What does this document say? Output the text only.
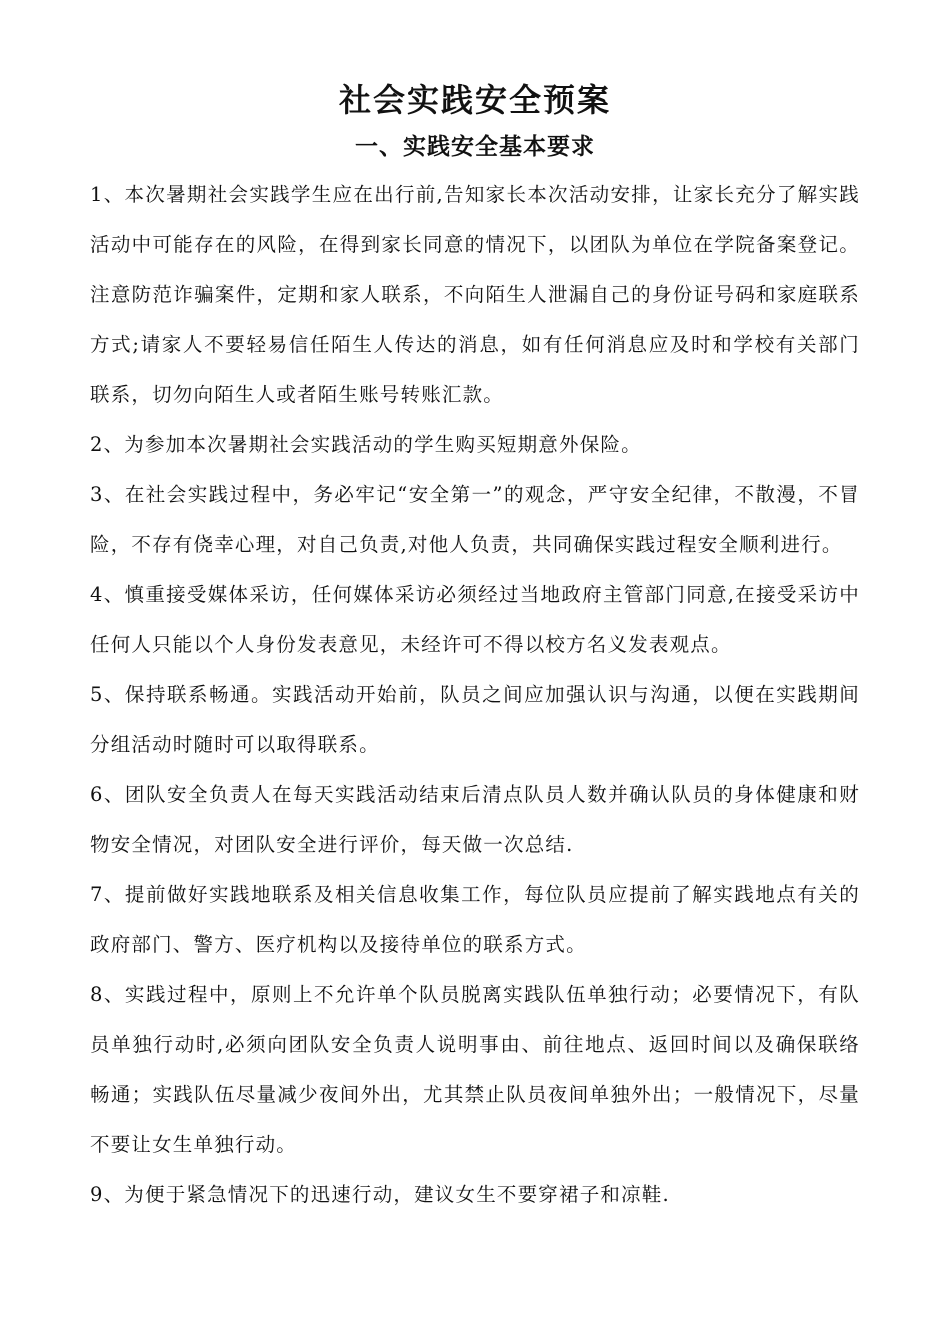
社会实践安全预案
一、实践安全基本要求

1、本次暑期社会实践学生应在出行前,告知家长本次活动安排，让家长充分了解实践活动中可能存在的风险，在得到家长同意的情况下，以团队为单位在学院备案登记。注意防范诈骗案件，定期和家人联系，不向陌生人泄漏自己的身份证号码和家庭联系方式;请家人不要轻易信任陌生人传达的消息，如有任何消息应及时和学校有关部门联系，切勿向陌生人或者陌生账号转账汇款。

2、为参加本次暑期社会实践活动的学生购买短期意外保险。

3、在社会实践过程中，务必牢记“安全第一”的观念，严守安全纪律，不散漫，不冒险，不存有侥幸心理，对自己负责,对他人负责，共同确保实践过程安全顺利进行。

4、慎重接受媒体采访，任何媒体采访必须经过当地政府主管部门同意,在接受采访中任何人只能以个人身份发表意见，未经许可不得以校方名义发表观点。

5、保持联系畅通。实践活动开始前，队员之间应加强认识与沟通，以便在实践期间分组活动时随时可以取得联系。

6、团队安全负责人在每天实践活动结束后清点队员人数并确认队员的身体健康和财物安全情况，对团队安全进行评价，每天做一次总结.

7、提前做好实践地联系及相关信息收集工作，每位队员应提前了解实践地点有关的政府部门、警方、医疗机构以及接待单位的联系方式。

8、实践过程中，原则上不允许单个队员脱离实践队伍单独行动；必要情况下，有队员单独行动时,必须向团队安全负责人说明事由、前往地点、返回时间以及确保联络畅通；实践队伍尽量减少夜间外出，尤其禁止队员夜间单独外出；一般情况下，尽量不要让女生单独行动。

9、为便于紧急情况下的迅速行动，建议女生不要穿裙子和凉鞋.
